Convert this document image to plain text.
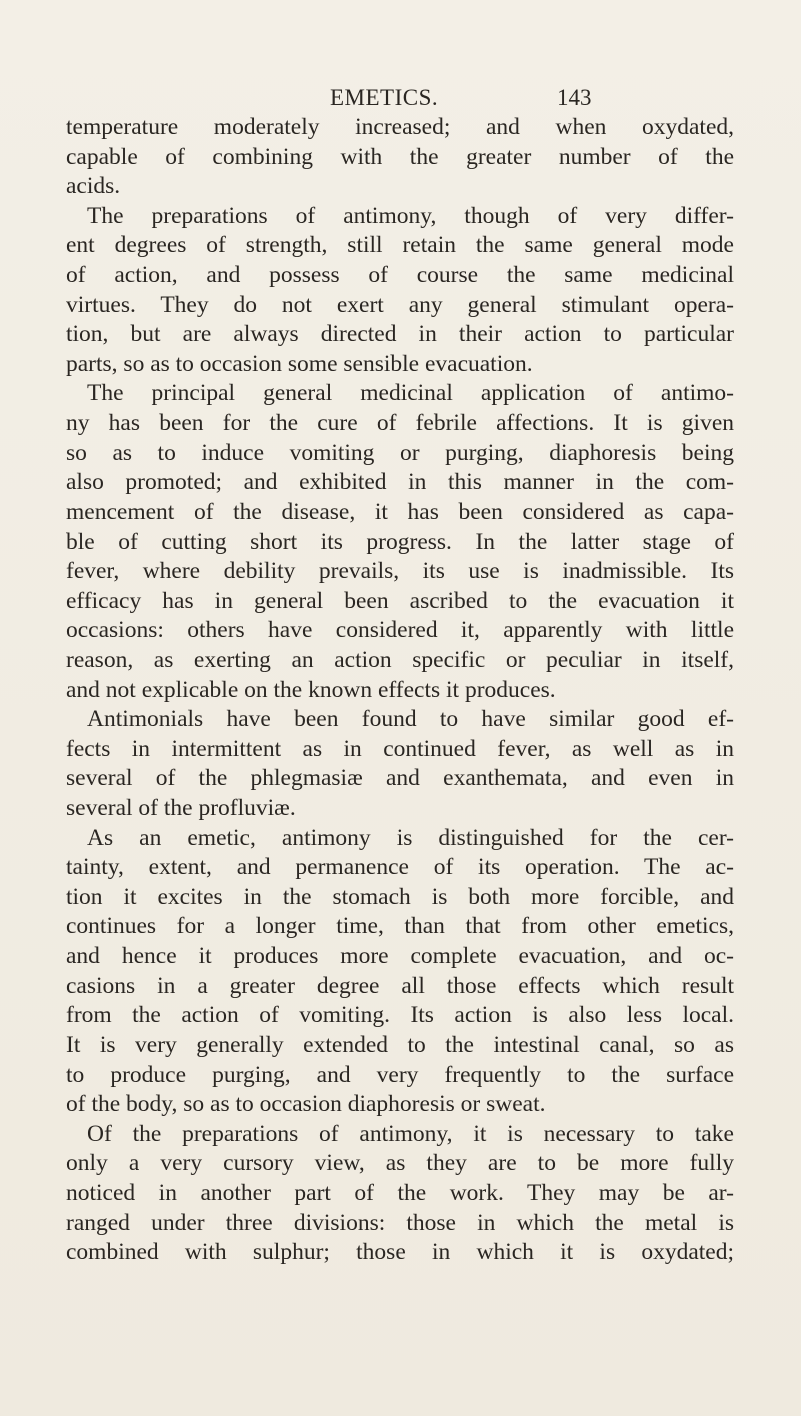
EMETICS.	143
temperature moderately increased; and when oxydated,
capable of combining with the greater number of the
acids.
The preparations of antimony, though of very differ-
ent degrees of strength, still retain the same general mode
of action, and possess of course the same medicinal
virtues. They do not exert any general stimulant opera-
tion, but are always directed in their action to particular
parts, so as to occasion some sensible evacuation.
The principal general medicinal application of antimo-
ny has been for the cure of febrile affections. It is given
so as to induce vomiting or purging, diaphoresis being
also promoted; and exhibited in this manner in the com-
mencement of the disease, it has been considered as capa-
ble of cutting short its progress. In the latter stage of
fever, where debility prevails, its use is inadmissible. Its
efficacy has in general been ascribed to the evacuation it
occasions: others have considered it, apparently with little
reason, as exerting an action specific or peculiar in itself,
and not explicable on the known effects it produces.
Antimonials have been found to have similar good ef-
fects in intermittent as in continued fever, as well as in
several of the phlegmasiæ and exanthemata, and even in
several of the profluviæ.
As an emetic, antimony is distinguished for the cer-
tainty, extent, and permanence of its operation. The ac-
tion it excites in the stomach is both more forcible, and
continues for a longer time, than that from other emetics,
and hence it produces more complete evacuation, and oc-
casions in a greater degree all those effects which result
from the action of vomiting. Its action is also less local.
It is very generally extended to the intestinal canal, so as
to produce purging, and very frequently to the surface
of the body, so as to occasion diaphoresis or sweat.
Of the preparations of antimony, it is necessary to take
only a very cursory view, as they are to be more fully
noticed in another part of the work. They may be ar-
ranged under three divisions: those in which the metal is
combined with sulphur; those in which it is oxydated;
